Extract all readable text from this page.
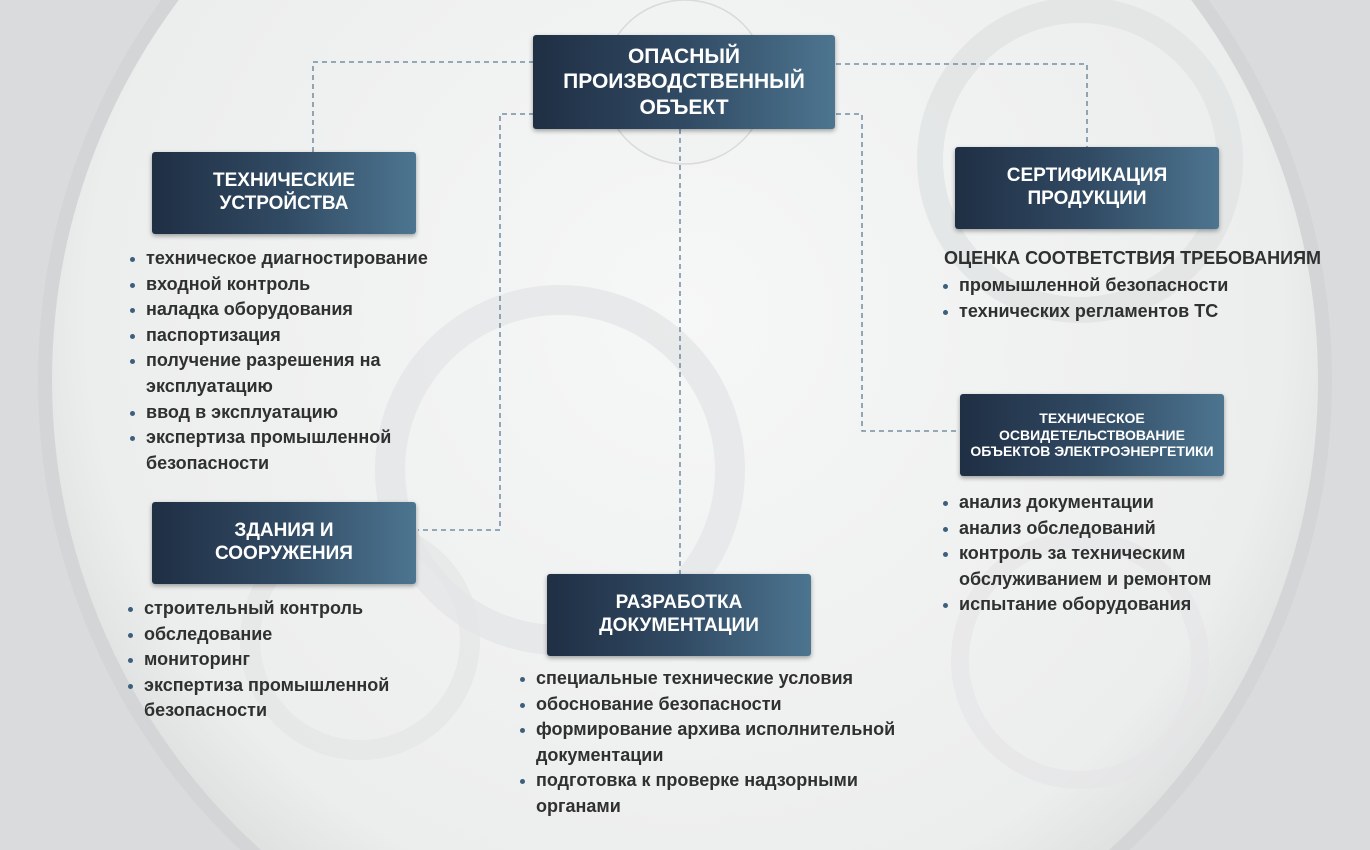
ОПАСНЫЙ
ПРОИЗВОДСТВЕННЫЙ
ОБЪЕКТ
ТЕХНИЧЕСКИЕ
УСТРОЙСТВА
техническое диагностирование
входной контроль
наладка оборудования
паспортизация
получение разрешения на эксплуатацию
ввод в эксплуатацию
экспертиза промышленной безопасности
ЗДАНИЯ И
СООРУЖЕНИЯ
строительный контроль
обследование
мониторинг
экспертиза промышленной безопасности
РАЗРАБОТКА
ДОКУМЕНТАЦИИ
специальные технические условия
обоснование безопасности
формирование архива исполнительной документации
подготовка к проверке надзорными органами
СЕРТИФИКАЦИЯ
ПРОДУКЦИИ
ОЦЕНКА СООТВЕТСТВИЯ ТРЕБОВАНИЯМ
промышленной безопасности
технических регламентов ТС
ТЕХНИЧЕСКОЕ
ОСВИДЕТЕЛЬСТВОВАНИЕ
ОБЪЕКТОВ ЭЛЕКТРОЭНЕРГЕТИКИ
анализ документации
анализ обследований
контроль за техническим обслуживанием и ремонтом
испытание оборудования
